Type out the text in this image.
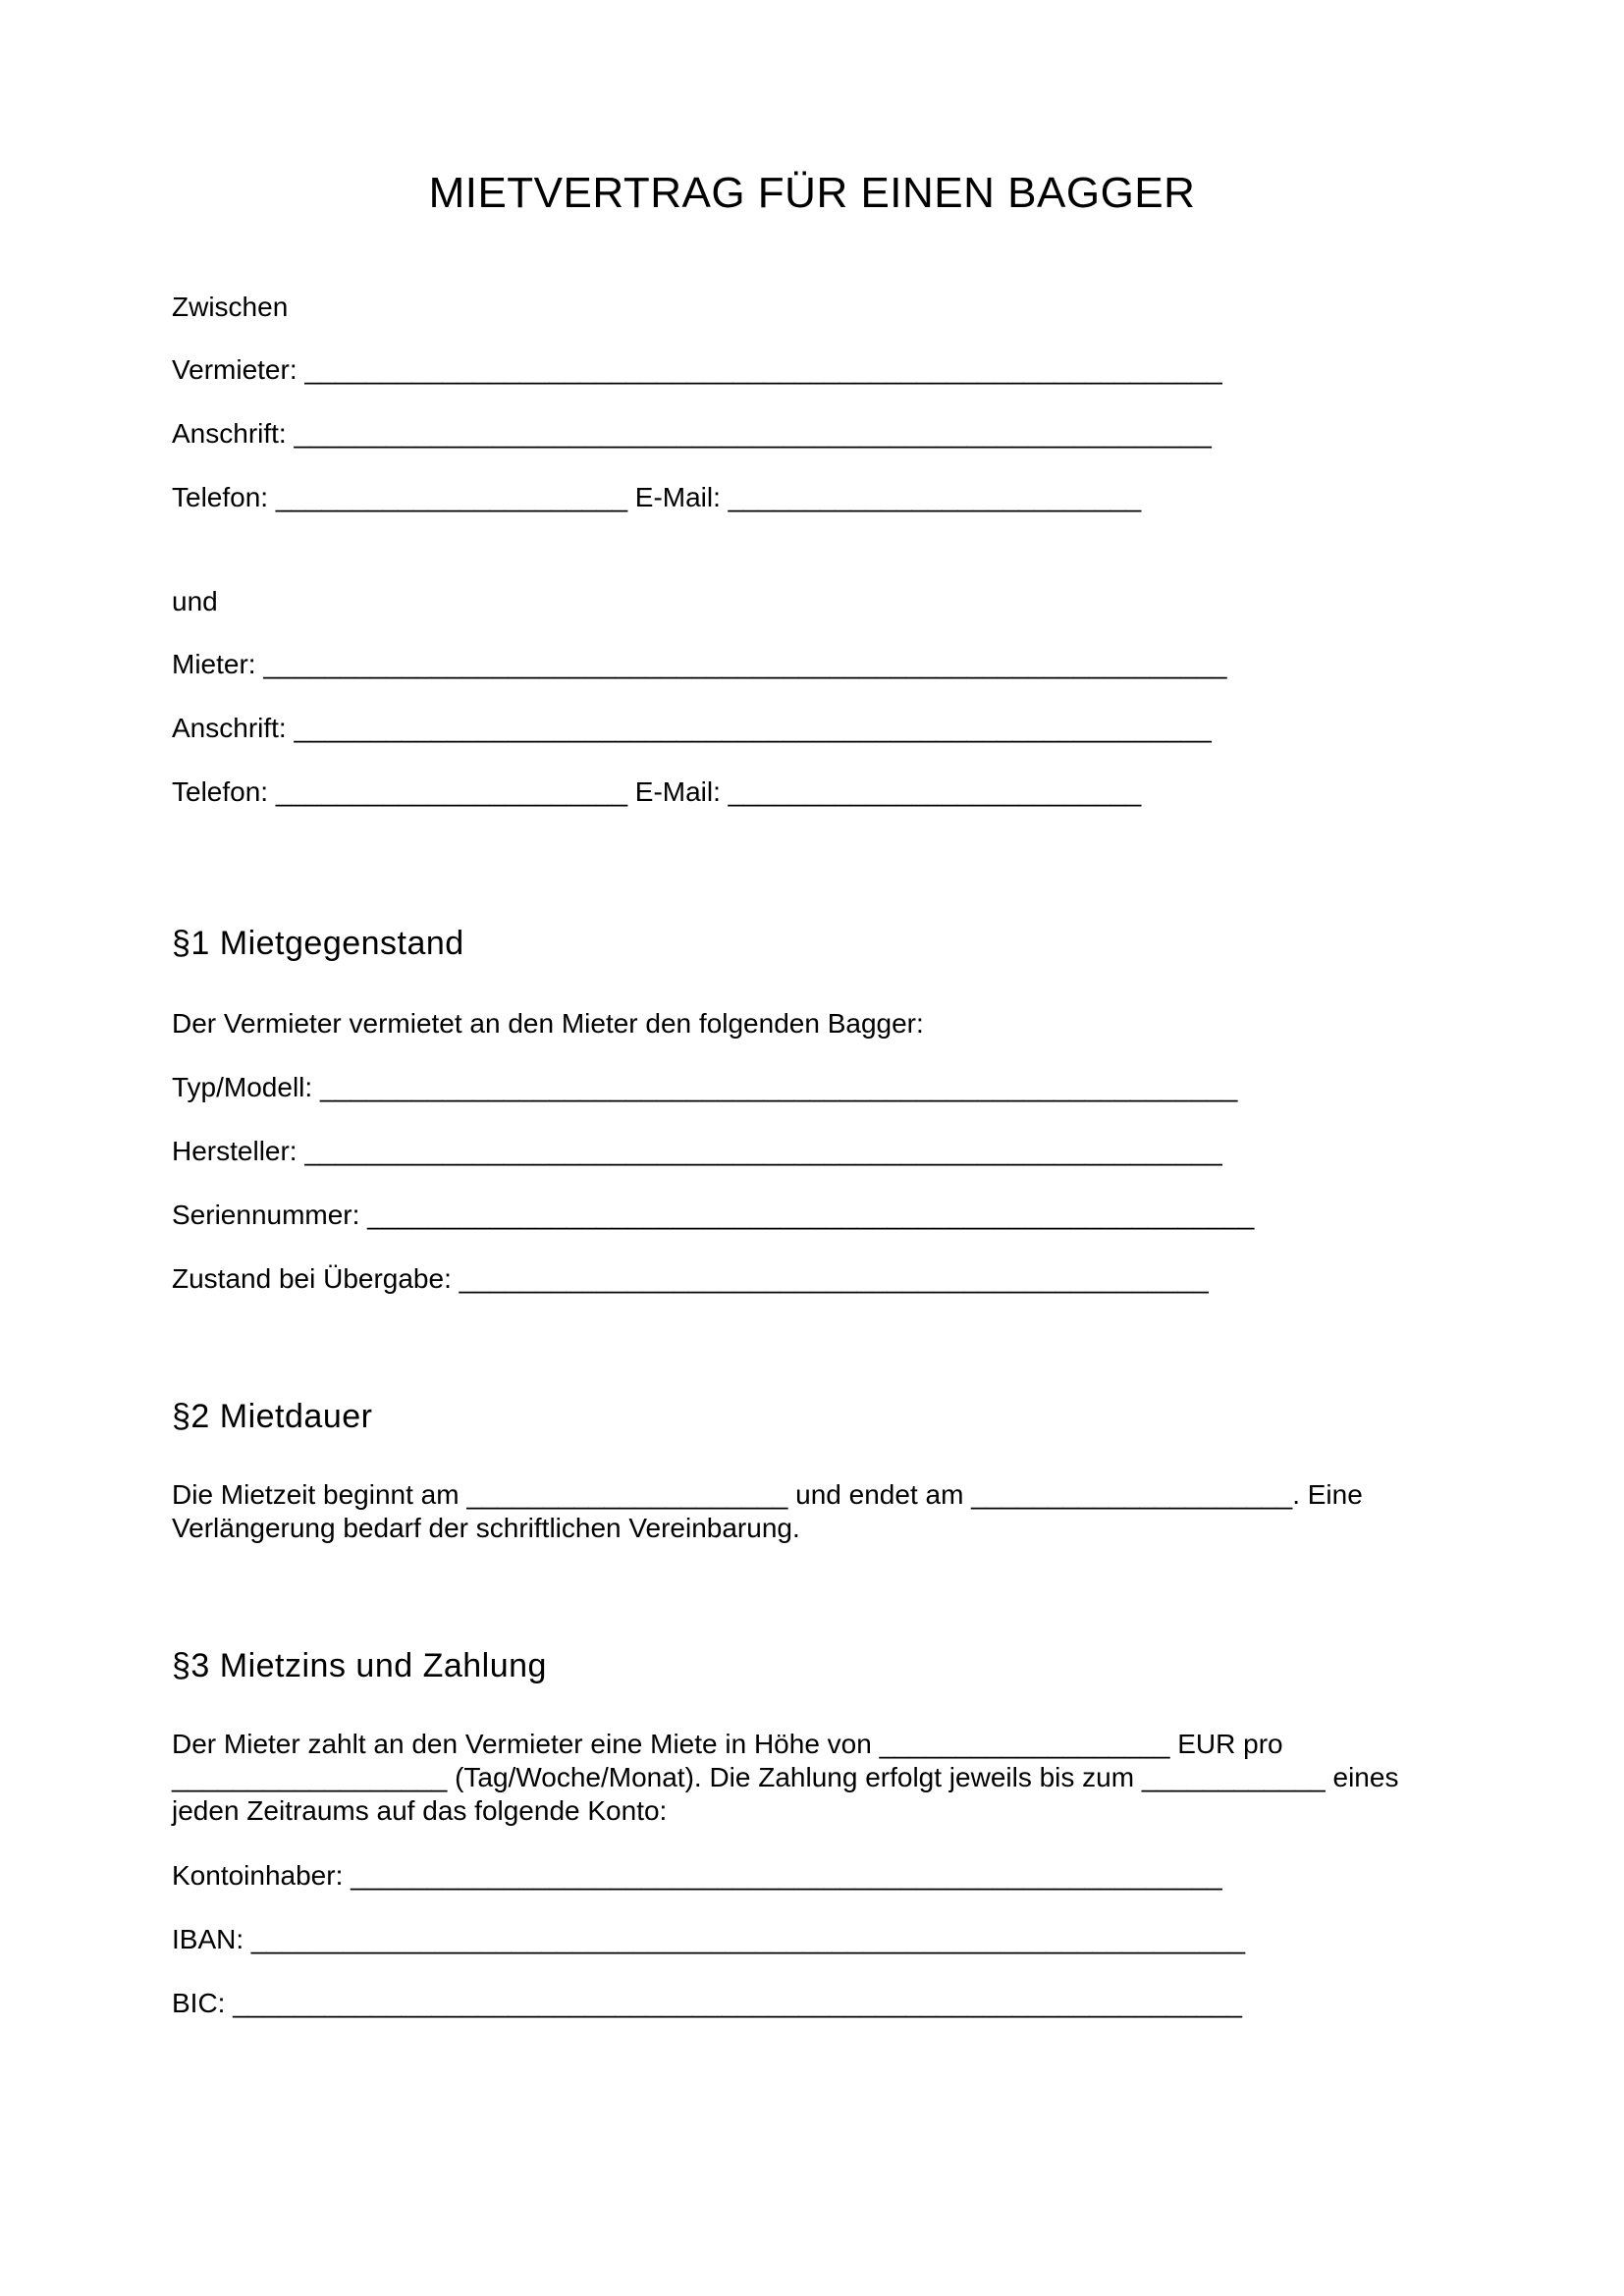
MIETVERTRAG FÜR EINEN BAGGER
Zwischen
Vermieter: ____________________________________________________________
Anschrift: ____________________________________________________________
Telefon: _______________________ E-Mail: ___________________________
und
Mieter: _______________________________________________________________
Anschrift: ____________________________________________________________
Telefon: _______________________ E-Mail: ___________________________
§1 Mietgegenstand
Der Vermieter vermietet an den Mieter den folgenden Bagger:
Typ/Modell: ____________________________________________________________
Hersteller: ____________________________________________________________
Seriennummer: __________________________________________________________
Zustand bei Übergabe: _________________________________________________
§2 Mietdauer
Die Mietzeit beginnt am _____________________ und endet am _____________________. Eine Verlängerung bedarf der schriftlichen Vereinbarung.
§3 Mietzins und Zahlung
Der Mieter zahlt an den Vermieter eine Miete in Höhe von ___________________ EUR pro __________________ (Tag/Woche/Monat). Die Zahlung erfolgt jeweils bis zum ____________ eines jeden Zeitraums auf das folgende Konto:
Kontoinhaber: _________________________________________________________
IBAN: _________________________________________________________________
BIC: __________________________________________________________________
